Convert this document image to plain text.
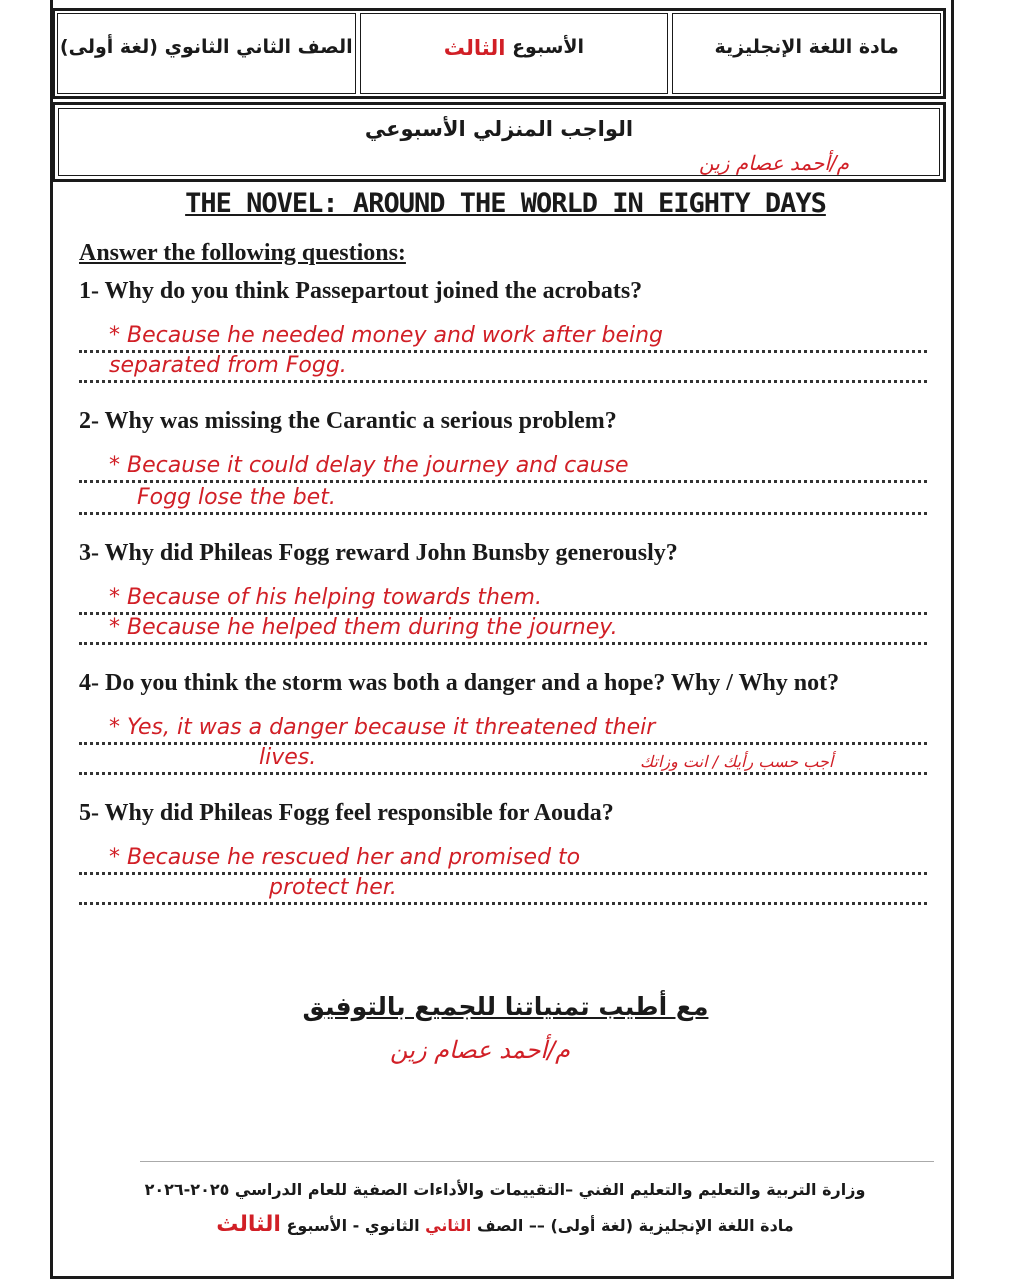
مادة اللغة الإنجليزية
الأسبوع

الثالث
الصف الثاني الثانوي (لغة أولى)
الواجب المنزلي الأسبوعي
م/أحمد عصام زين
THE NOVEL: AROUND THE WORLD IN EIGHTY DAYS
Answer the following questions:
1- Why do you think Passepartout joined the acrobats?
* Because he needed money and work after being
separated from Fogg.
2- Why was missing the Carantic a serious problem?
* Because it could delay the journey and cause
Fogg lose the bet.
3- Why did Phileas Fogg reward John Bunsby generously?
* Because of his helping towards them.
* Because he helped them during the journey.
4- Do you think the storm was both a danger and a hope? Why / Why not?
* Yes, it was a danger because it threatened their
lives.	أجب حسب رأيك / انت وزاتك
5- Why did Phileas Fogg feel responsible for Aouda?
* Because he rescued her and promised to
protect her.
مع أطيب تمنياتنا للجميع بالتوفيق
م/أحمد عصام زين
وزارة التربية والتعليم والتعليم الفني –التقييمات والأداءات الصفية للعام الدراسي ٢٠٢٥-٢٠٢٦
مادة اللغة الإنجليزية (لغة أولى) –– الصف الثاني الثانوي - الأسبوع الثالث
